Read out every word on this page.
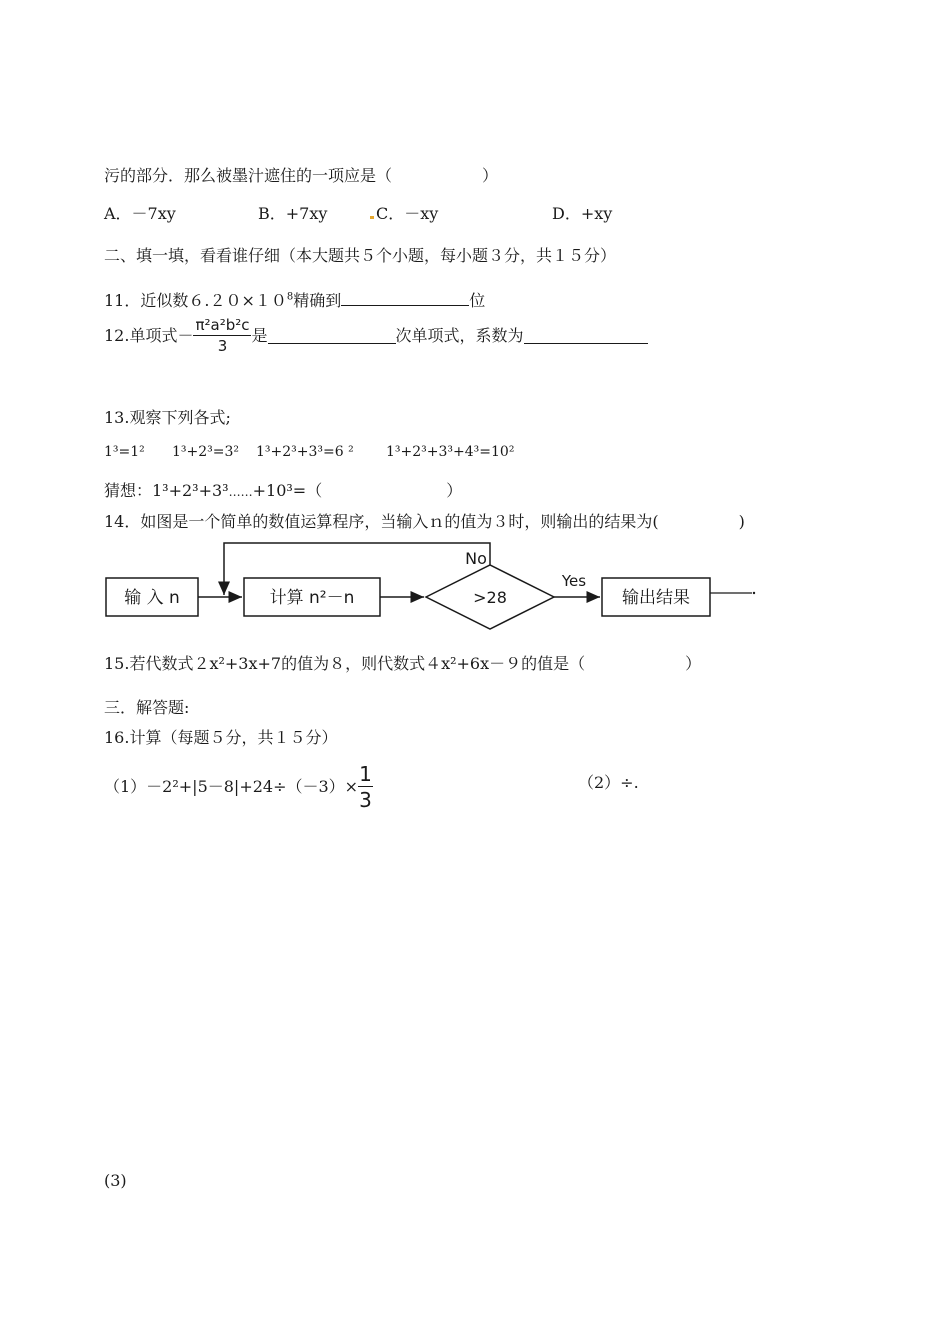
污的部分．那么被墨汁遮住的一项应是（	）
A．－7xy	B．+7xy	C．－xy	D．+xy
二、填一填，看看谁仔细（本大题共５个小题，每小题３分，共１５分）
11．近似数$6.20\times 10^8$精确到	位
12.单项式－ $\frac{\text{π²a²b²c}}{3}$ 是	次单项式，系数为
13.观察下列各式;
1³=1² 1³+2³=3² 1³+2³+3³=6 ² 1³+2³+3³+4³=10²
猜想：1³+2³+3³……+10³=（	）
14．如图是一个简单的数值运算程序，当输入ｎ的值为３时，则输出的结果为(	)
输 入 n	计算 n²－n	>28
No
Yes
输出结果
15.若代数式２x²+3x+7的值为８，则代数式４x²+6x－９的值是（	）
三．解答题:
16.计算（每题５分，共１５分）
$(1)-2^2+|5-8|+24\div(-3)\times \frac{1}{3}$	（2）÷.
(3)
